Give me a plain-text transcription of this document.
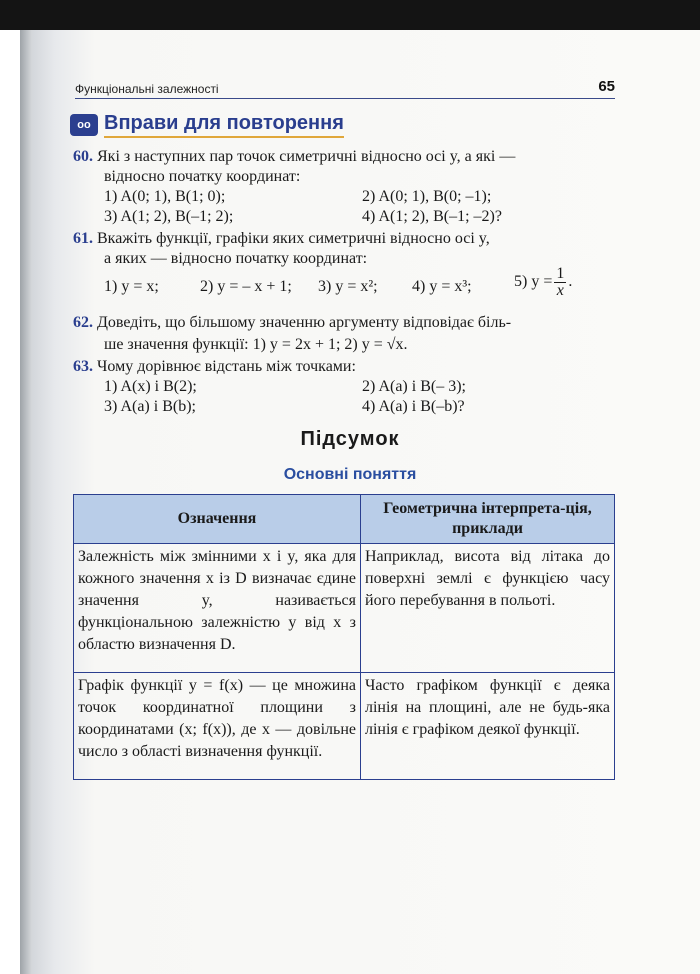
Функціональні залежності	65
oo Вправи для повторення
60. Які з наступних пар точок симетричні відносно осі y, а які —
відносно початку координат:
1) A(0; 1), B(1; 0);	2) A(0; 1), B(0; –1);
3) A(1; 2), B(–1; 2);	4) A(1; 2), B(–1; –2)?
61. Вкажіть функції, графіки яких симетричні відносно осі y,
а яких — відносно початку координат:
1) y = x;	2) y = – x + 1; 3) y = x²; 4) y = x³;	5) $y = \frac{1}{x}$ .
62. Доведіть, що більшому значенню аргументу відповідає біль-
ше значення функції: 1) y = 2x + 1; 2) y = √x.
63. Чому дорівнює відстань між точками:
1) A(x) і B(2);	2) A(a) і B(– 3);
3) A(a) і B(b);	4) A(a) і B(–b)?
Підсумок
Основні поняття
Означення	Геометрична інтерпрета-ція, приклади
Залежність між змінними x і y, яка для кожного значення x із D визначає єдине значення y, називається функціональною залежністю y від x з областю визначення D.	Наприклад, висота від літака до поверхні землі є функцією часу його перебування в польоті.
Графік функції y = f(x) — це множина точок координатної площини з координатами (x; f(x)), де x — довільне число з області визначення функції.	Часто графіком функції є деяка лінія на площині, але не будь-яка лінія є графіком деякої функції.
